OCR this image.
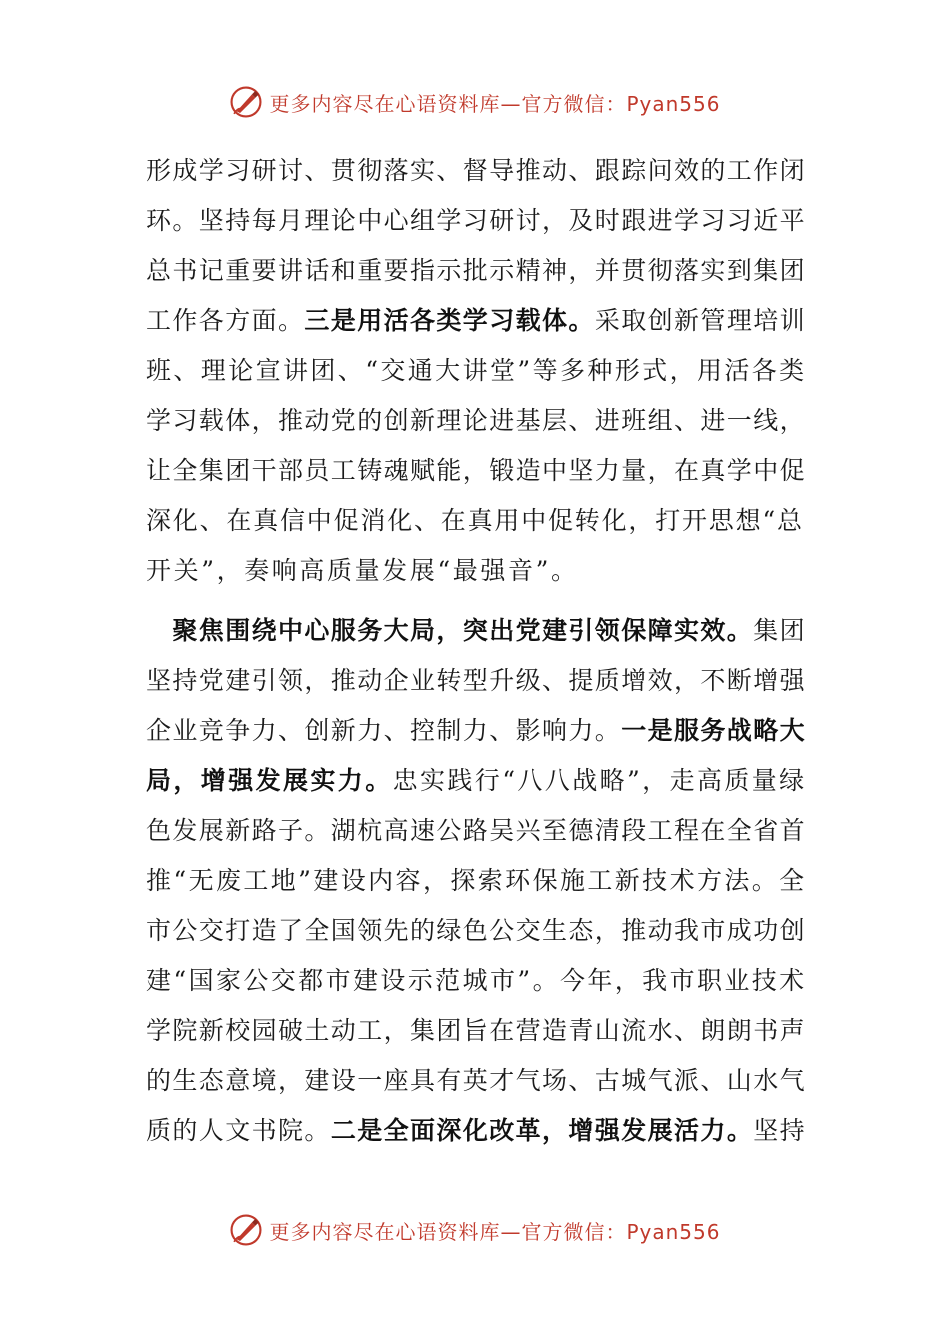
更多内容尽在心语资料库—官方微信：Pyan556
形成学习研讨、贯彻落实、督导推动、跟踪问效的工作闭
环。坚持每月理论中心组学习研讨，及时跟进学习习近平
总书记重要讲话和重要指示批示精神，并贯彻落实到集团
工作各方面。三是用活各类学习载体。采取创新管理培训
班、理论宣讲团、“交通大讲堂”等多种形式，用活各类
学习载体，推动党的创新理论进基层、进班组、进一线，
让全集团干部员工铸魂赋能，锻造中坚力量，在真学中促
深化、在真信中促消化、在真用中促转化，打开思想“总
开关”，奏响高质量发展“最强音”。
　聚焦围绕中心服务大局，突出党建引领保障实效。集团
坚持党建引领，推动企业转型升级、提质增效，不断增强
企业竞争力、创新力、控制力、影响力。一是服务战略大
局，增强发展实力。忠实践行“八八战略”，走高质量绿
色发展新路子。湖杭高速公路吴兴至德清段工程在全省首
推“无废工地”建设内容，探索环保施工新技术方法。全
市公交打造了全国领先的绿色公交生态，推动我市成功创
建“国家公交都市建设示范城市”。今年，我市职业技术
学院新校园破土动工，集团旨在营造青山流水、朗朗书声
的生态意境，建设一座具有英才气场、古城气派、山水气
质的人文书院。二是全面深化改革，增强发展活力。坚持
更多内容尽在心语资料库—官方微信：Pyan556
